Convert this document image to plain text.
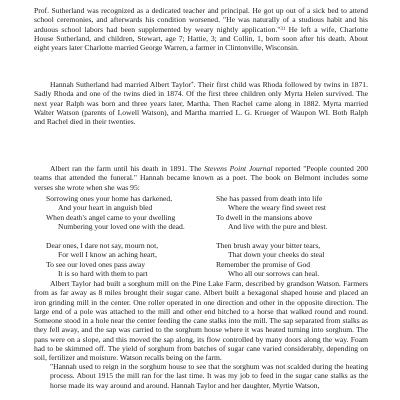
Prof. Sutherland was recognized as a dedicated teacher and principal. He got up out of a sick bed to attend school ceremonies, and afterwards his condition worsened. "He was naturally of a studious habit and his arduous school labors had been supplemented by weary nightly application."$^{31}$ He left a wife, Charlotte House Sutherland, and children, Stewart, age 7; Hattie, 3; and Collin, 1, born soon after his death. About eight years later Charlotte married George Warren, a farmer in Clintonville, Wisconsin.

Hannah Sutherland had married Albert Taylor*. Their first child was Rhoda followed by twins in 1871. Sadly Rhoda and one of the twins died in 1874. Of the first three children only Myrta Helen survived. The next year Ralph was born and three years later, Martha. Then Rachel came along in 1882. Myrta married Walter Watson (parents of Lowell Watson), and Martha married L. G. Krueger of Waupon WI. Both Ralph and Rachel died in their twenties.

Albert ran the farm until his death in 1891. The Stevens Point Journal reported "People counted 200 teams that attended the funeral." Hannah became known as a poet. The book on Belmont includes some verses she wrote when she was 95:

Sorrowing ones your home has darkened,
And your heart in anguish bled
When death's angel came to your dwelling
Numbering your loved one with the dead.
Dear ones, I dare not say, mourn not,
For well I know an aching heart,
To see our loved ones pass away
It is so hard with them to part
She has passed from death into life
Where the weary find sweet rest
To dwell in the mansions above
And live with the pure and blest.
Then brush away your bitter tears,
That down your cheeks do steal
Remember the promise of God
Who all our sorrows can heal.

Albert Taylor had built a sorghum mill on the Pine Lake Farm, described by grandson Watson. Farmers from as far away as 8 miles brought their sugar cane. Albert built a hexagonal shaped house and placed an iron grinding mill in the center. One roller operated in one direction and other in the opposite direction. The large end of a pole was attached to the mill and other end hitched to a horse that walked round and round. Someone stood in a hole near the center feeding the cane stalks into the mill. The sap separated from stalks as they fell away, and the sap was carried to the sorghum house where it was heated turning into sorghum. The pans were on a slope, and this moved the sap along, its flow controlled by many doors along the way. Foam had to be skimmed off. The yield of sorghum from batches of sugar cane varied considerably, depending on soil, fertilizer and moisture. Watson recalls being on the farm.

"Hannah used to reign in the sorghum house to see that the sorghum was not scalded during the heating process. About 1915 the mill ran for the last time. It was my job to feed in the sugar cane stalks as the horse made its way around and around. Hannah Taylor and her daughter, Myrtie Watson,
